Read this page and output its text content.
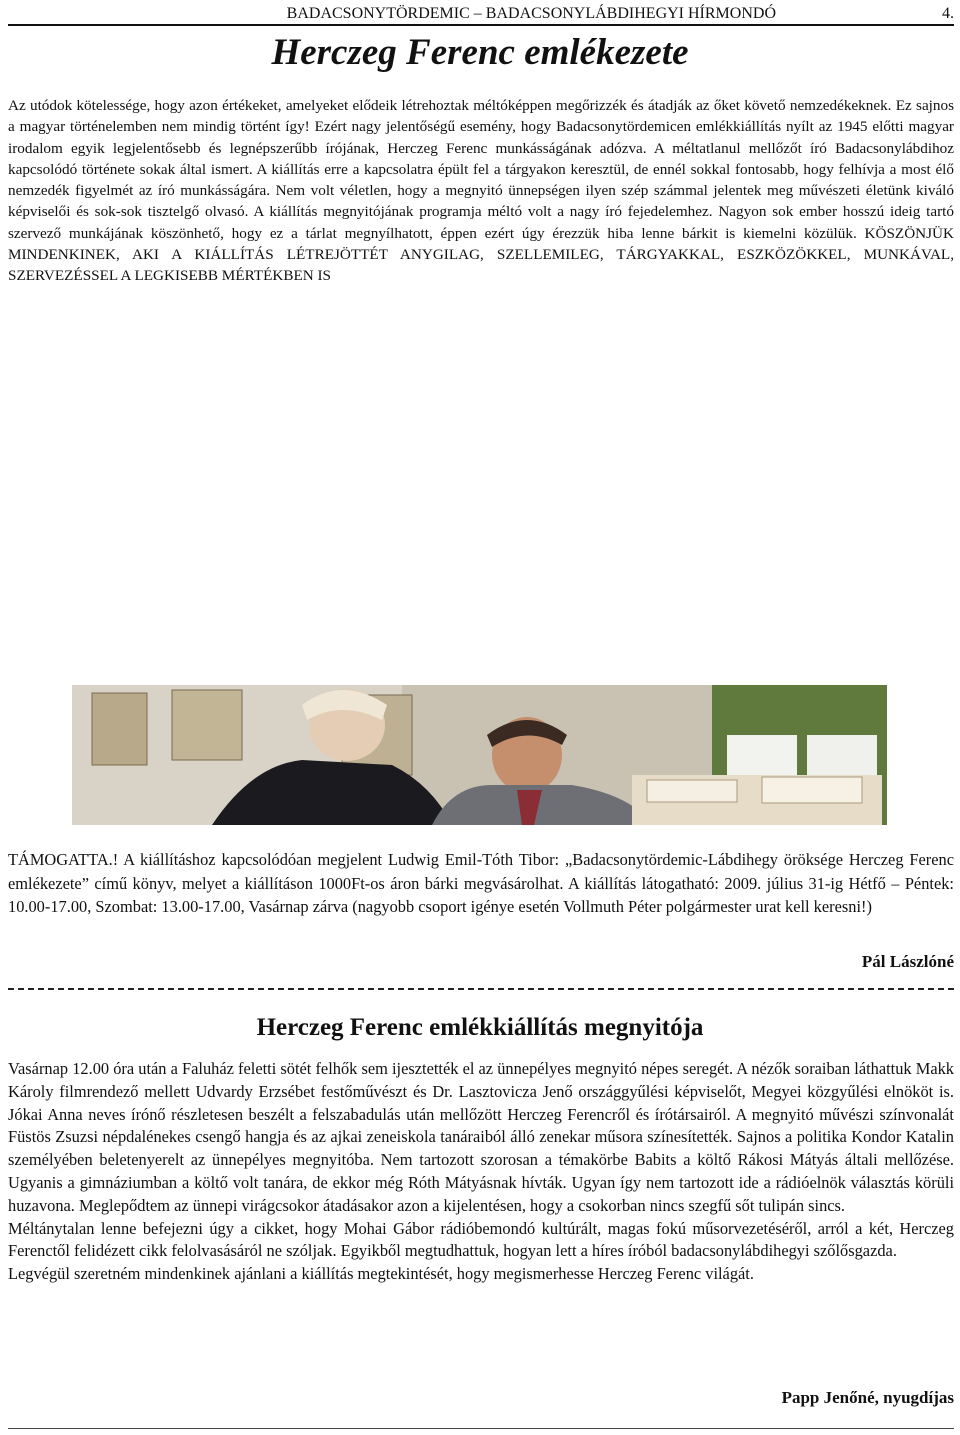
BADACSONYTÖRDEMIC – BADACSONYLÁBDIHEGYI HÍRMONDÓ	4.
Herczeg Ferenc emlékezete

Az utódok kötelessége, hogy azon értékeket, amelyeket elődeik létrehoztak méltóképpen megőrizzék és átadják az őket követő nemzedékeknek. Ez sajnos a magyar történelemben nem mindig történt így! Ezért nagy jelentőségű esemény, hogy Badacsonytördemicen emlékkiállítás nyílt az 1945 előtti magyar irodalom egyik legjelentősebb és legnépszerűbb írójának, Herczeg Ferenc munkásságának adózva. A méltatlanul mellőzőt író Badacsonylábdihoz kapcsolódó története sokak által ismert. A kiállítás erre a kapcsolatra épült fel a tárgyakon keresztül, de ennél sokkal fontosabb, hogy felhívja a most élő nemzedék figyelmét az író munkásságára. Nem volt véletlen, hogy a megnyitó ünnepségen ilyen szép számmal jelentek meg művészeti életünk kiváló képviselői és sok-sok tisztelgő olvasó. A kiállítás megnyitójának programja méltó volt a nagy író fejedelemhez. Nagyon sok ember hosszú ideig tartó szervező munkájának köszönhető, hogy ez a tárlat megnyílhatott, éppen ezért úgy érezzük hiba lenne bárkit is kiemelni közülük. KÖSZÖNJÜK MINDENKINEK, AKI A KIÁLLÍTÁS LÉTREJÖTTÉT ANYGILAG, SZELLEMILEG, TÁRGYAKKAL, ESZKÖZÖKKEL, MUNKÁVAL, SZERVEZÉSSEL A LEGKISEBB MÉRTÉKBEN IS

TÁMOGATTA.! A kiállításhoz kapcsolódóan megjelent Ludwig Emil-Tóth Tibor: „Badacsonytördemic-Lábdihegy öröksége Herczeg Ferenc emlékezete” című könyv, melyet a kiállításon 1000Ft-os áron bárki megvásárolhat. A kiállítás látogatható: 2009. július 31-ig Hétfő – Péntek: 10.00-17.00, Szombat: 13.00-17.00, Vasárnap zárva (nagyobb csoport igénye esetén Vollmuth Péter polgármester urat kell keresni!)

Pál Lászlóné
Herczeg Ferenc emlékkiállítás megnyitója
Vasárnap 12.00 óra után a Faluház feletti sötét felhők sem ijesztették el az ünnepélyes megnyitó népes seregét. A nézők soraiban láthattuk Makk Károly filmrendező mellett Udvardy Erzsébet festőművészt és Dr. Lasztovicza Jenő országgyűlési képviselőt, Megyei közgyűlési elnököt is. Jókai Anna neves írónő részletesen beszélt a felszabadulás után mellőzött Herczeg Ferencről és írótársairól. A megnyitó művészi színvonalát Füstös Zsuzsi népdalénekes csengő hangja és az ajkai zeneiskola tanáraiból álló zenekar műsora színesítették. Sajnos a politika Kondor Katalin személyében beletenyerelt az ünnepélyes megnyitóba. Nem tartozott szorosan a témakörbe Babits a költő Rákosi Mátyás általi mellőzése. Ugyanis a gimnáziumban a költő volt tanára, de ekkor még Róth Mátyásnak hívták. Ugyan így nem tartozott ide a rádióelnök választás körüli huzavona. Meglepődtem az ünnepi virágcsokor átadásakor azon a kijelentésen, hogy a csokorban nincs szegfű sőt tulipán sincs.
Méltánytalan lenne befejezni úgy a cikket, hogy Mohai Gábor rádióbemondó kultúrált, magas fokú műsorvezetéséről, arról a két, Herczeg Ferenctől felidézett cikk felolvasásáról ne szóljak. Egyikből megtudhattuk, hogyan lett a híres íróból badacsonylábdihegyi szőlősgazda.
Legvégül szeretném mindenkinek ajánlani a kiállítás megtekintését, hogy megismerhesse Herczeg Ferenc világát.
Papp Jenőné, nyugdíjas
